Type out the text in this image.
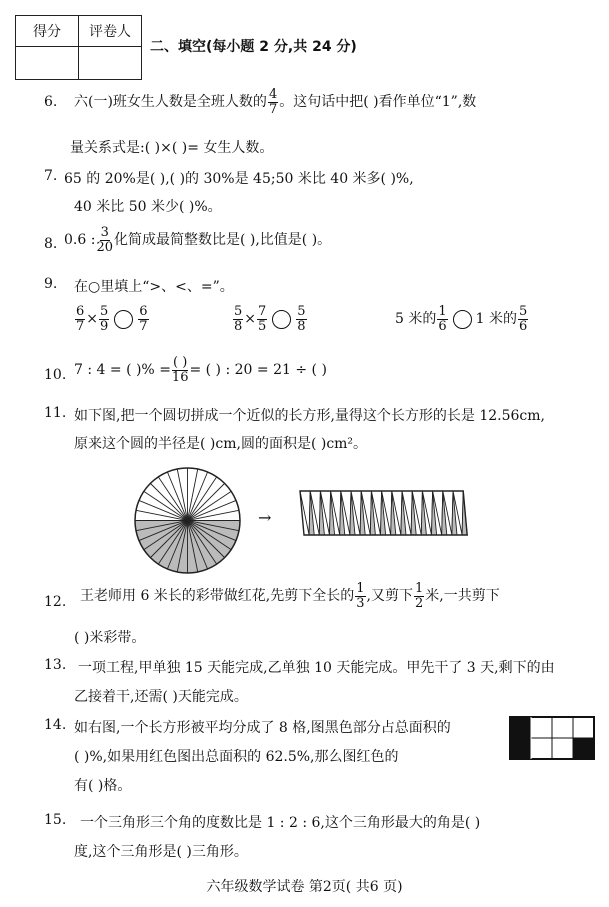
得分	评卷人

二、填空(每小题 2 分,共 24 分)
6. 六(一)班女生人数是全班人数的 $\frac{4}{7}$ 。这句话中把( )看作单位“1”,数
量关系式是:( )×( )= 女生人数。
7. 65 的 20%是( ),( )的 30%是 45;50 米比 40 米多( )%,
40 米比 50 米少( )%。
8. 0.6 : $\frac{3}{20}$ 化简成最简整数比是( ),比值是( )。
9. 在○里填上“>、<、=”。
$\frac{6}{7} \times \frac{5}{9} \frac{6}{7}$	$\frac{5}{8} \times \frac{7}{5} \frac{5}{8}$	5 米的 $\frac{1}{6} 1$ 米的 $\frac{5}{6}$
10. 7 : 4 = ( )% = $\frac{( )}{16}$ = ( ) : 20 = 21 ÷ ( )
11. 如下图,把一个圆切拼成一个近似的长方形,量得这个长方形的长是 12.56cm,
原来这个圆的半径是( )cm,圆的面积是( )cm²。
→
12. 王老师用 6 米长的彩带做红花,先剪下全长的 $\frac{1}{3}$ ,又剪下 $\frac{1}{2}$ 米,一共剪下
( )米彩带。
13. 一项工程,甲单独 15 天能完成,乙单独 10 天能完成。甲先干了 3 天,剩下的由
乙接着干,还需( )天能完成。
14. 如右图,一个长方形被平均分成了 8 格,图黑色部分占总面积的
( )%,如果用红色图出总面积的 62.5%,那么图红色的
有( )格。
15. 一个三角形三个角的度数比是 1 : 2 : 6,这个三角形最大的角是( )
度,这个三角形是( )三角形。
六年级数学试卷 第2页( 共6 页)
